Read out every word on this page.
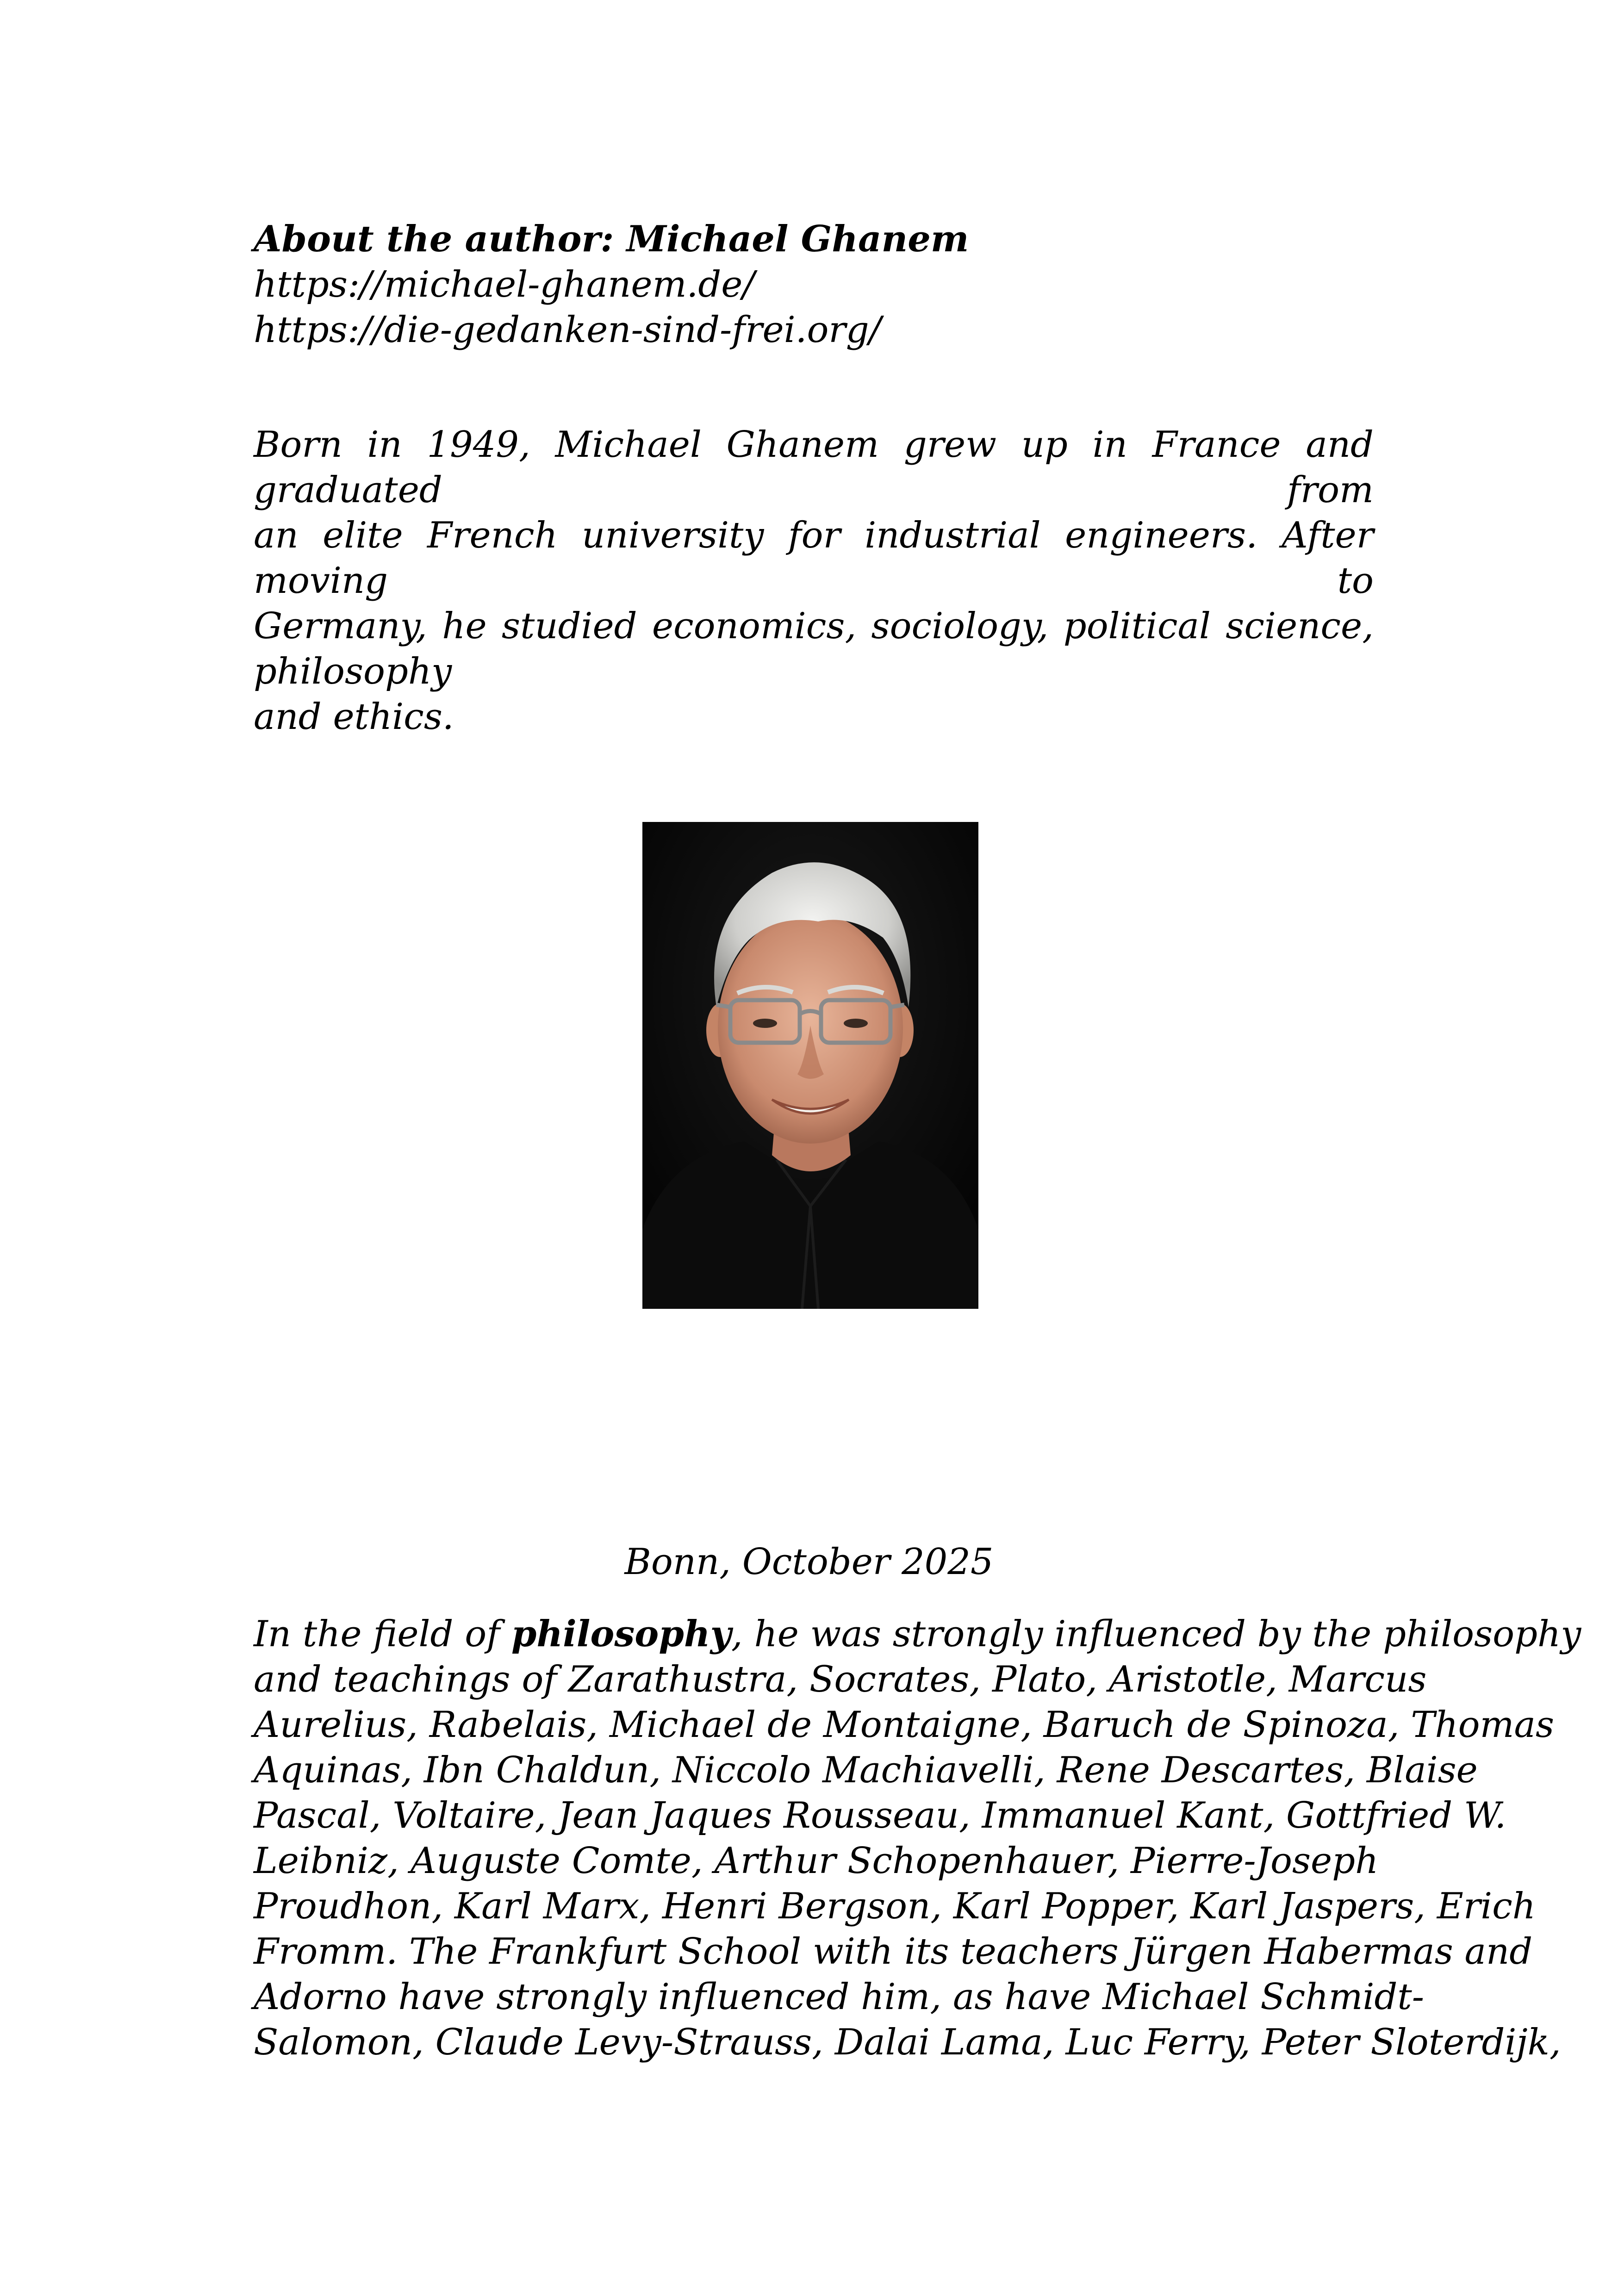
About the author: Michael Ghanem
https://michael-ghanem.de/
https://die-gedanken-sind-frei.org/
Born in 1949, Michael Ghanem grew up in France and graduated from
an elite French university for industrial engineers. After moving to
Germany, he studied economics, sociology, political science, philosophy
and ethics.
Bonn, October 2025
In the field of philosophy, he was strongly influenced by the philosophy
and teachings of Zarathustra, Socrates, Plato, Aristotle, Marcus
Aurelius, Rabelais, Michael de Montaigne, Baruch de Spinoza, Thomas
Aquinas, Ibn Chaldun, Niccolo Machiavelli, Rene Descartes, Blaise
Pascal, Voltaire, Jean Jaques Rousseau, Immanuel Kant, Gottfried W.
Leibniz, Auguste Comte, Arthur Schopenhauer, Pierre-Joseph
Proudhon, Karl Marx, Henri Bergson, Karl Popper, Karl Jaspers, Erich
Fromm. The Frankfurt School with its teachers Jürgen Habermas and
Adorno have strongly influenced him, as have Michael Schmidt-
Salomon, Claude Levy-Strauss, Dalai Lama, Luc Ferry, Peter Sloterdijk,
